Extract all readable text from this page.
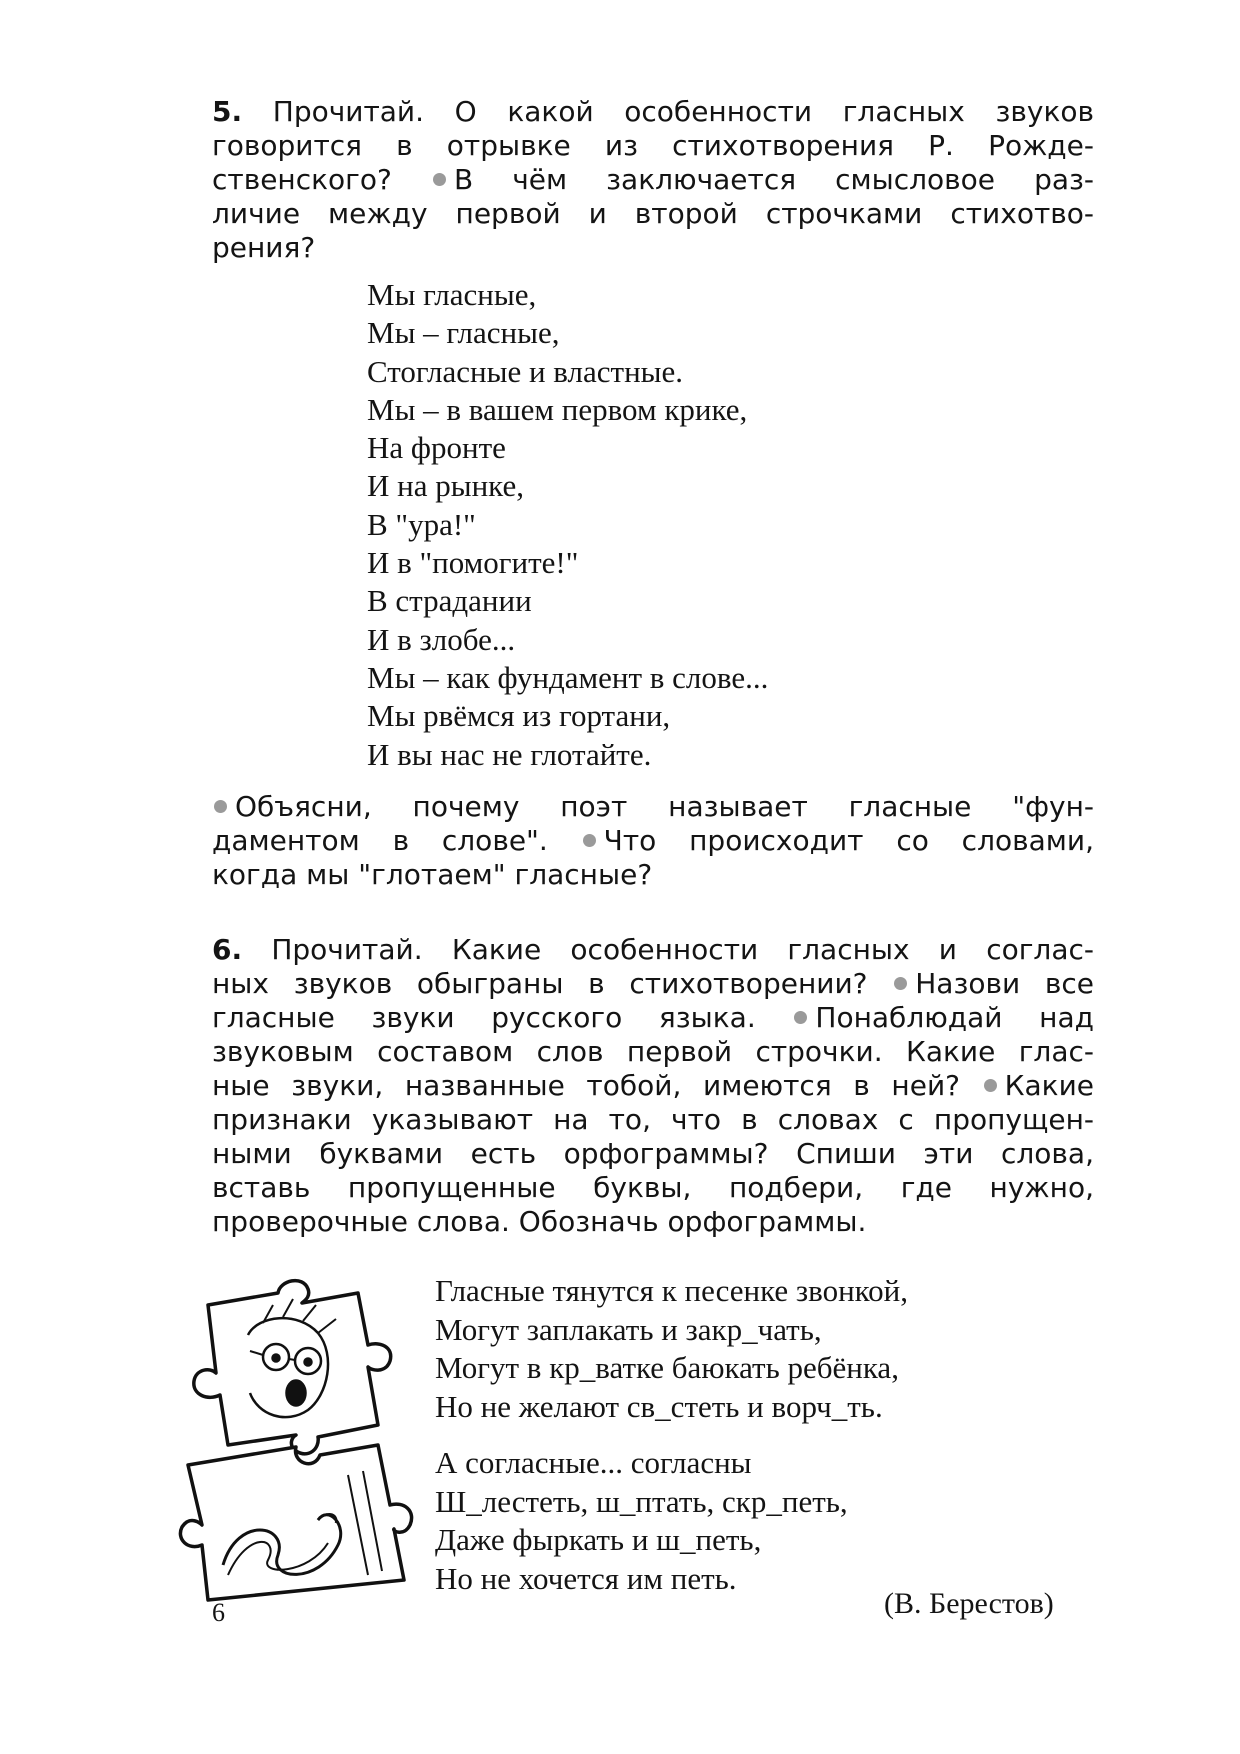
5. Прочитай. О какой особенности гласных звуков

говорится в отрывке из стихотворения Р. Рожде-

ственского? В чём заключается смысловое раз-

личие между первой и второй строчками стихотво-

рения?

Мы гласные,
Мы – гласные,
Стогласные и властные.
Мы – в вашем первом крике,
На фронте
И на рынке,
В "ура!"
И в "помогите!"
В страдании
И в злобе...
Мы – как фундамент в слове...
Мы рвёмся из гортани,
И вы нас не глотайте.

Объясни, почему поэт называет гласные "фун-

даментом в слове". Что происходит со словами,

когда мы "глотаем" гласные?

6. Прочитай. Какие особенности гласных и соглас-

ных звуков обыграны в стихотворении? Назови все

гласные звуки русского языка. Понаблюдай над

звуковым составом слов первой строчки. Какие глас-

ные звуки, названные тобой, имеются в ней? Какие

признаки указывают на то, что в словах с пропущен-

ными буквами есть орфограммы? Спиши эти слова,

вставь пропущенные буквы, подбери, где нужно,

проверочные слова. Обозначь орфограммы.

Гласные тянутся к песенке звонкой,
Могут заплакать и закр_чать,
Могут в кр_ватке баюкать ребёнка,
Но не желают св_стеть и ворч_ть.
А согласные... согласны
Ш_лестеть, ш_птать, скр_петь,
Даже фыркать и ш_петь,
Но не хочется им петь.
(В. Берестов)
6
